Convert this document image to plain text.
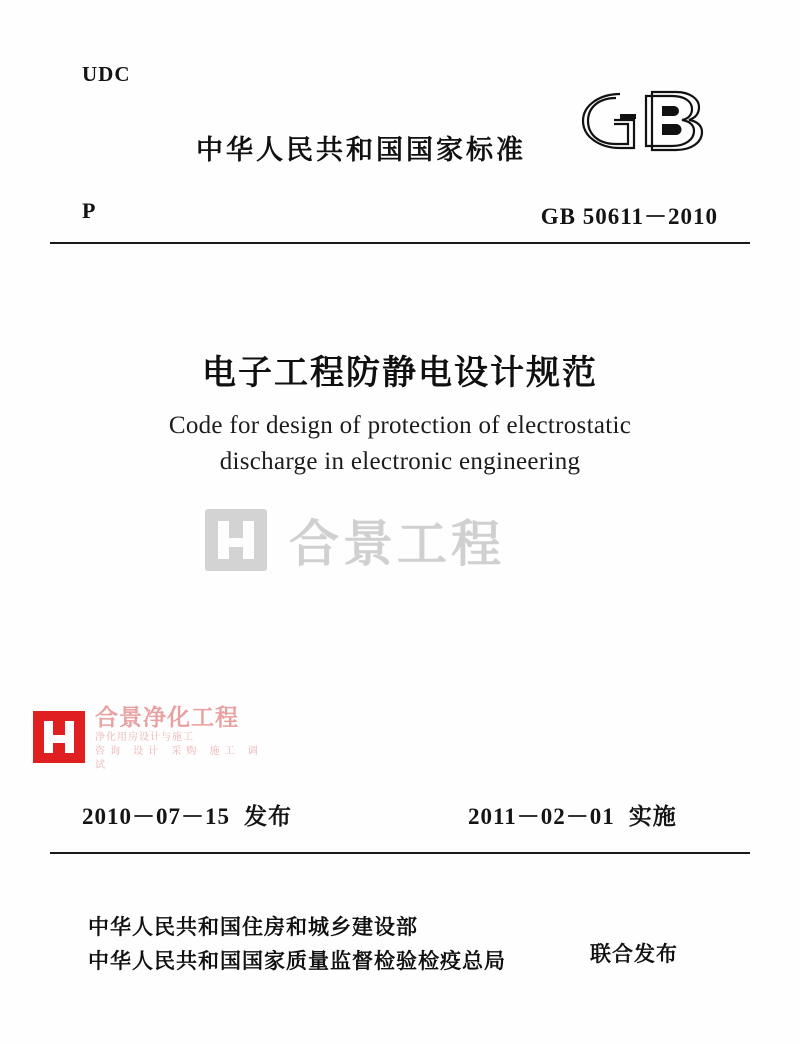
UDC
中华人民共和国国家标准
P	GB 50611－2010
电子工程防静电设计规范
Code for design of protection of electrostatic
discharge in electronic engineering
合景工程
合景净化工程
净化用房设计与施工
咨询 设计 采购 施工 调试
2010－07－15 发布	2011－02－01 实施
中华人民共和国住房和城乡建设部
中华人民共和国国家质量监督检验检疫总局	联合发布
